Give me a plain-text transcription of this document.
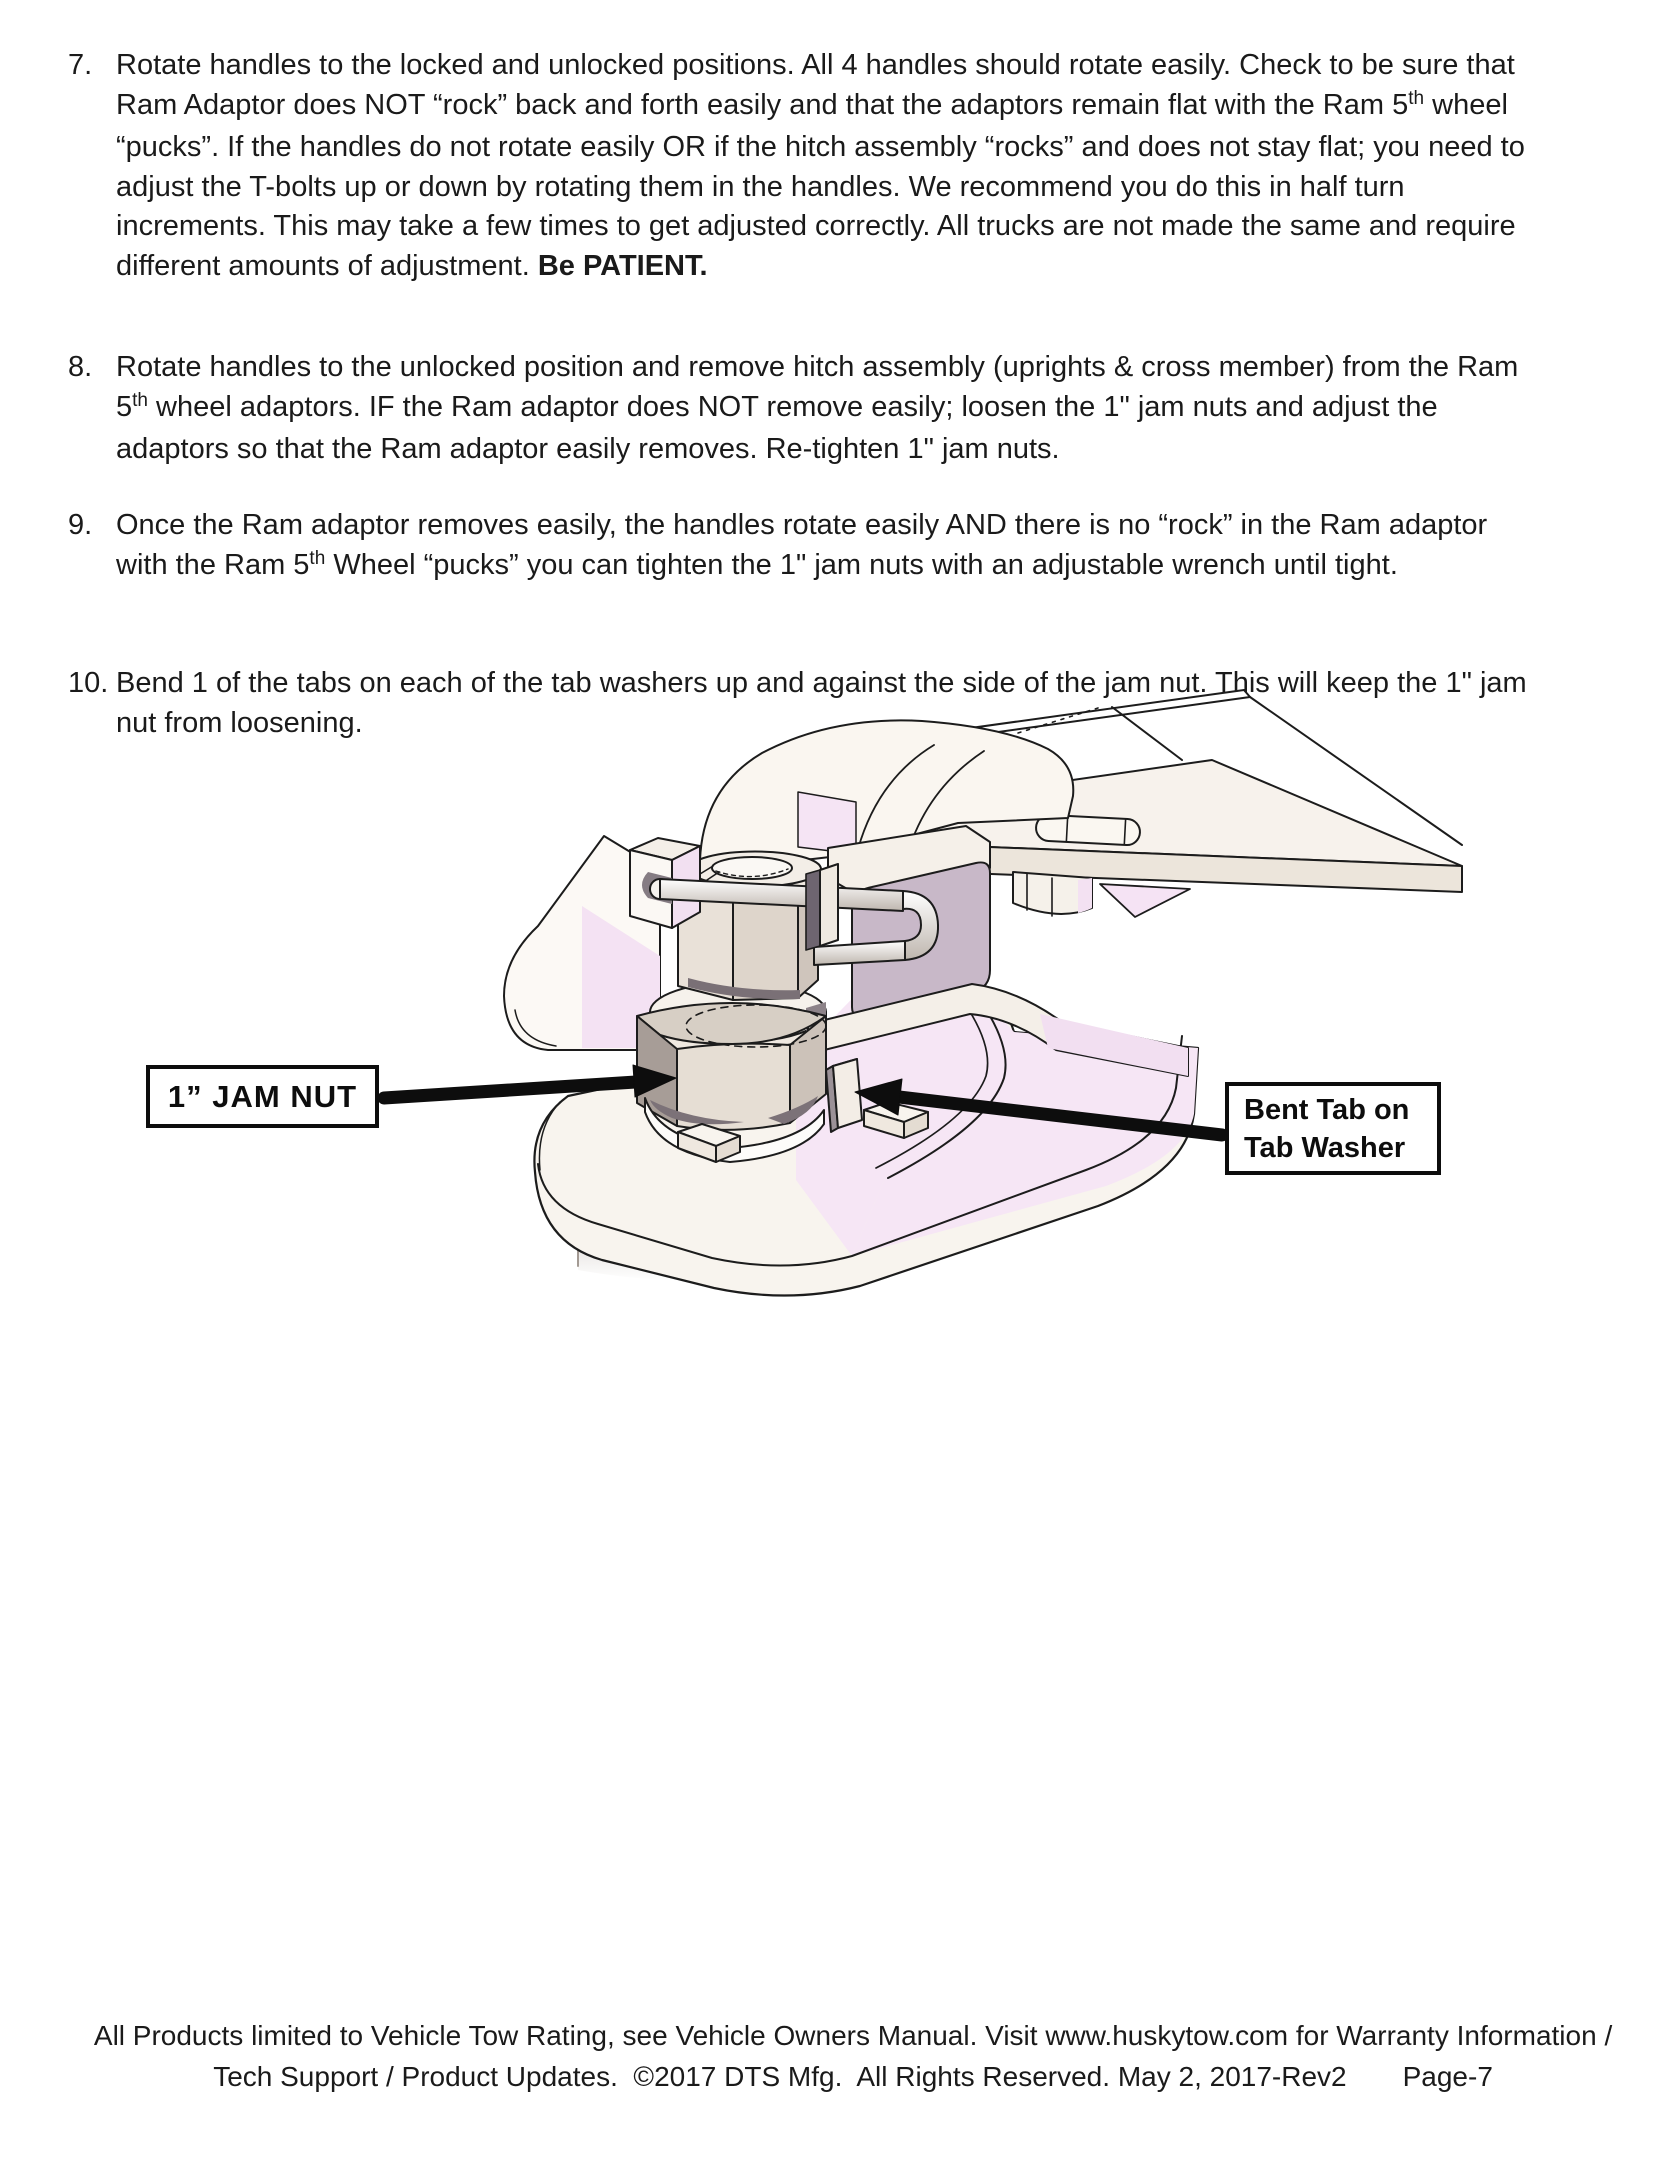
7. Rotate handles to the locked and unlocked positions. All 4 handles should rotate easily. Check to be sure that Ram Adaptor does NOT “rock” back and forth easily and that the adaptors remain flat with the Ram 5th wheel “pucks”. If the handles do not rotate easily OR if the hitch assembly “rocks” and does not stay flat; you need to adjust the T-bolts up or down by rotating them in the handles. We recommend you do this in half turn increments. This may take a few times to get adjusted correctly. All trucks are not made the same and require different amounts of adjustment. Be PATIENT.
8. Rotate handles to the unlocked position and remove hitch assembly (uprights & cross member) from the Ram 5th wheel adaptors. IF the Ram adaptor does NOT remove easily; loosen the 1" jam nuts and adjust the adaptors so that the Ram adaptor easily removes. Re-tighten 1" jam nuts.
9. Once the Ram adaptor removes easily, the handles rotate easily AND there is no “rock” in the Ram adaptor with the Ram 5th Wheel “pucks” you can tighten the 1" jam nuts with an adjustable wrench until tight.
10. Bend 1 of the tabs on each of the tab washers up and against the side of the jam nut. This will keep the 1" jam nut from loosening.
1” JAM NUT	Bent Tab on
Tab Washer

All Products limited to Vehicle Tow Rating, see Vehicle Owners Manual. Visit www.huskytow.com for Warranty Information /

Tech Support / Product Updates.  ©2017 DTS Mfg.  All Rights Reserved. May 2, 2017-Rev2 Page-7
